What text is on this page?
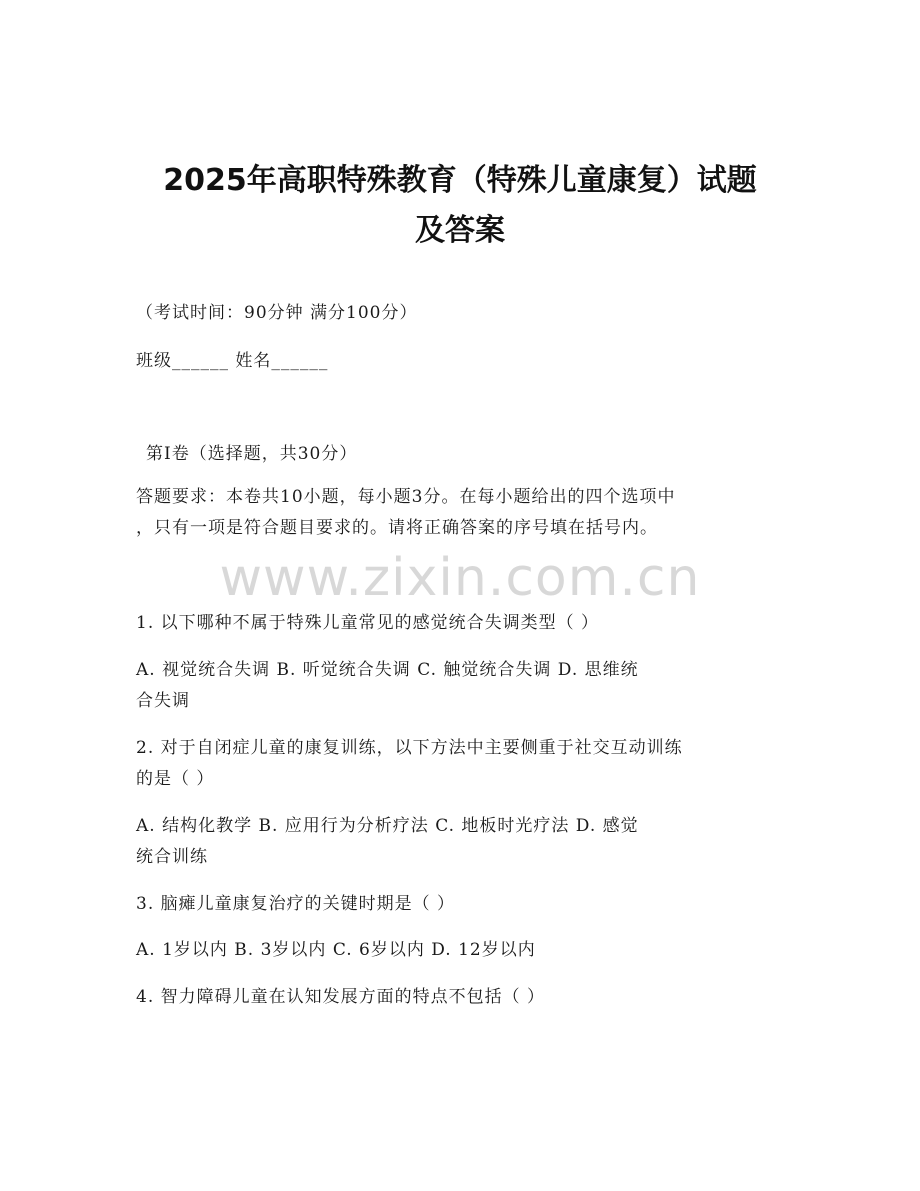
2025年高职特殊教育（特殊儿童康复）试题
及答案
（考试时间：90分钟 满分100分）
班级______ 姓名______
第Ⅰ卷（选择题，共30分）
答题要求：本卷共10小题，每小题3分。在每小题给出的四个选项中
，只有一项是符合题目要求的。请将正确答案的序号填在括号内。
www.zixin.com.cn
1. 以下哪种不属于特殊儿童常见的感觉统合失调类型（ ）
A. 视觉统合失调 B. 听觉统合失调 C. 触觉统合失调 D. 思维统
合失调
2. 对于自闭症儿童的康复训练，以下方法中主要侧重于社交互动训练
的是（ ）
A. 结构化教学 B. 应用行为分析疗法 C. 地板时光疗法 D. 感觉
统合训练
3. 脑瘫儿童康复治疗的关键时期是（ ）
A. 1岁以内 B. 3岁以内 C. 6岁以内 D. 12岁以内
4. 智力障碍儿童在认知发展方面的特点不包括（ ）
